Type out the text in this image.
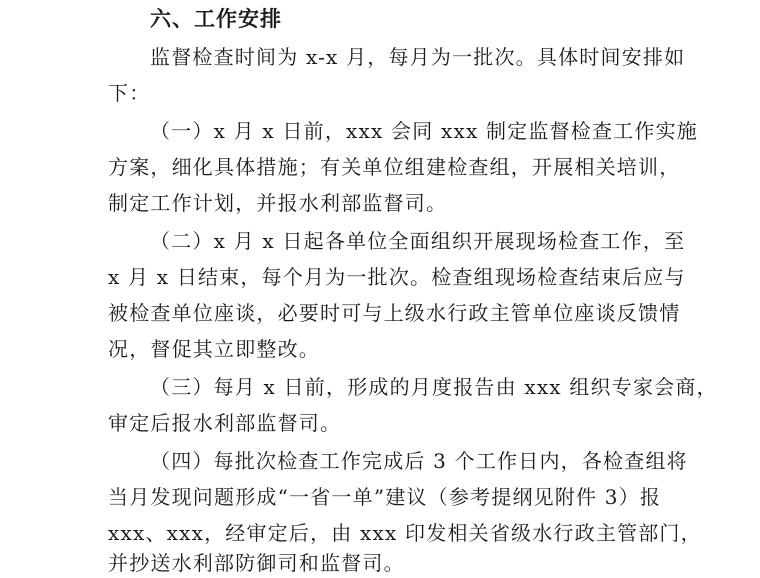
六、工作安排
监督检查时间为 x-x 月，每月为一批次。具体时间安排如
下：
（一）x 月 x 日前，xxx 会同 xxx 制定监督检查工作实施
方案，细化具体措施；有关单位组建检查组，开展相关培训，
制定工作计划，并报水利部监督司。
（二）x 月 x 日起各单位全面组织开展现场检查工作，至
x 月 x 日结束，每个月为一批次。检查组现场检查结束后应与
被检查单位座谈，必要时可与上级水行政主管单位座谈反馈情
况，督促其立即整改。
（三）每月 x 日前，形成的月度报告由 xxx 组织专家会商，
审定后报水利部监督司。
（四）每批次检查工作完成后 3 个工作日内，各检查组将
当月发现问题形成“一省一单”建议（参考提纲见附件 3）报
xxx、xxx，经审定后，由 xxx 印发相关省级水行政主管部门，
并抄送水利部防御司和监督司。
